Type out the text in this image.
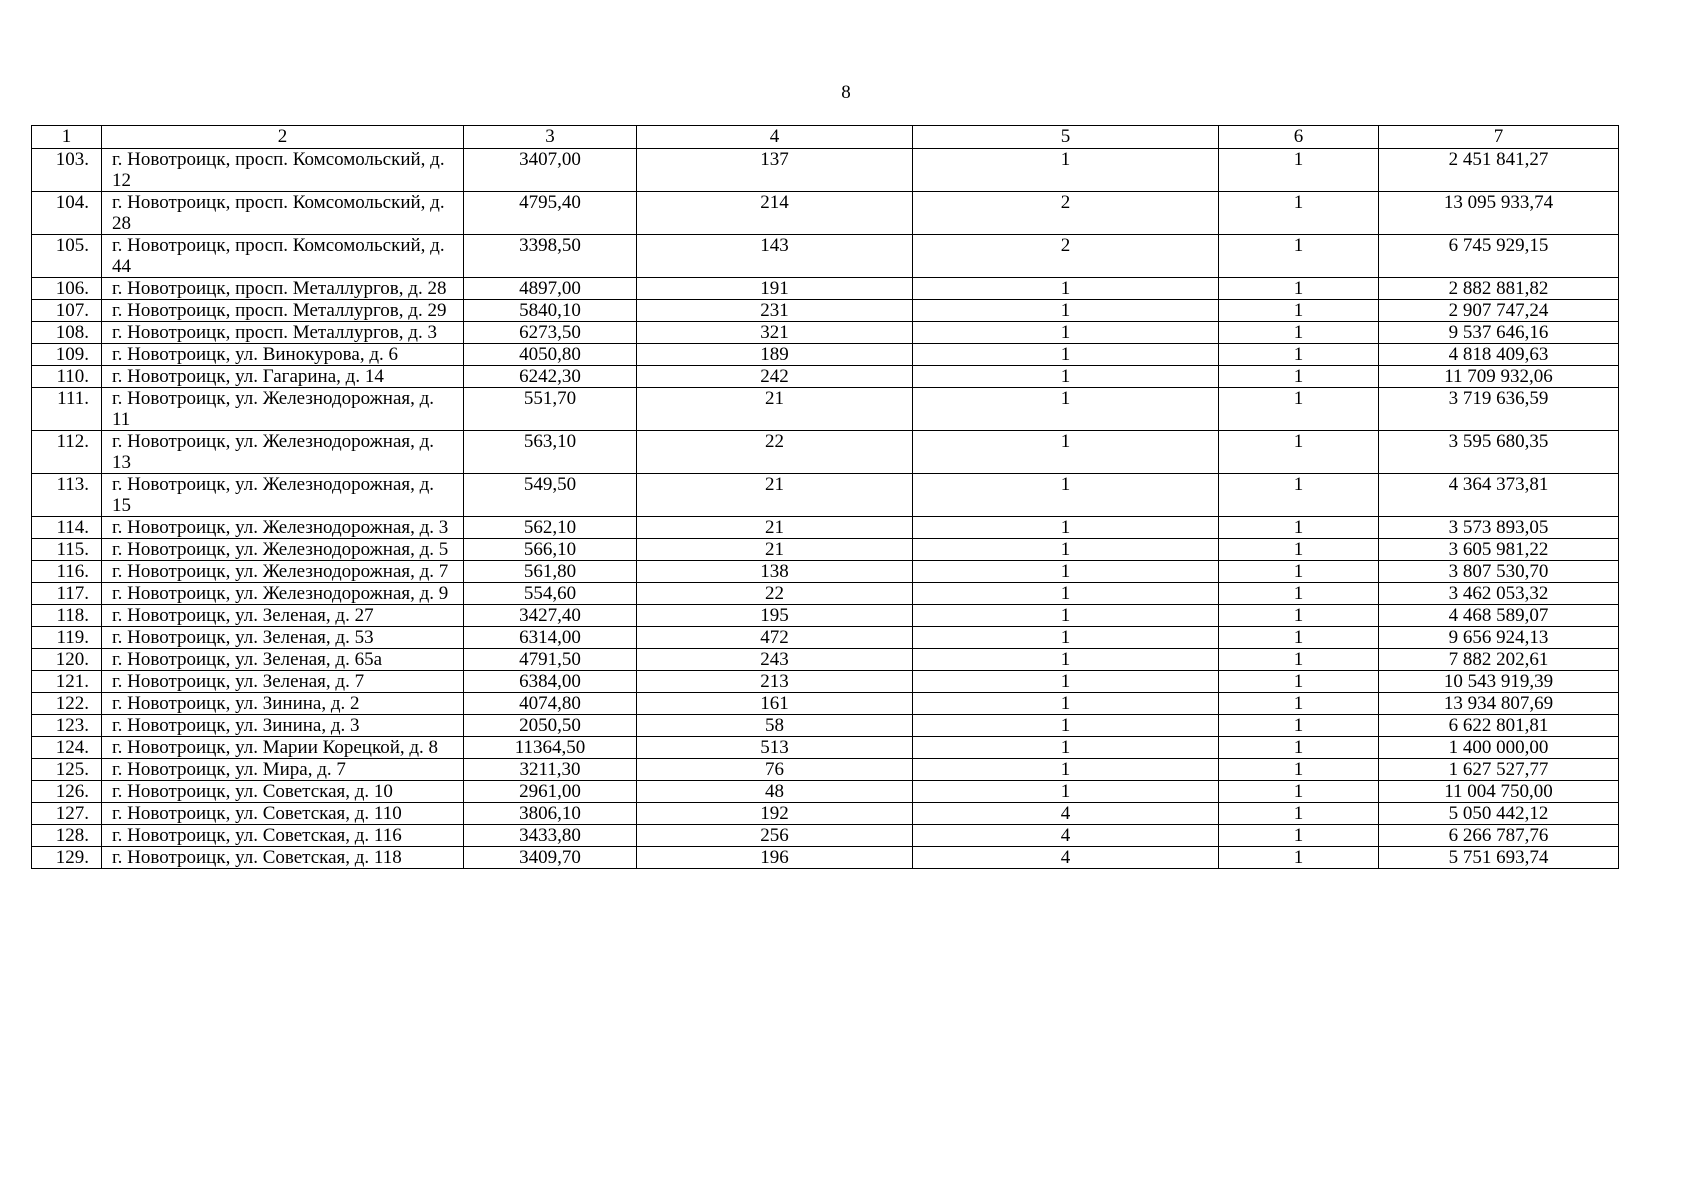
8
1	2	3	4	5	6	7
103.	г. Новотроицк, просп. Комсомольский, д. 12	3407,00	137	1	1	2 451 841,27
104.	г. Новотроицк, просп. Комсомольский, д. 28	4795,40	214	2	1	13 095 933,74
105.	г. Новотроицк, просп. Комсомольский, д. 44	3398,50	143	2	1	6 745 929,15
106.	г. Новотроицк, просп. Металлургов, д. 28	4897,00	191	1	1	2 882 881,82
107.	г. Новотроицк, просп. Металлургов, д. 29	5840,10	231	1	1	2 907 747,24
108.	г. Новотроицк, просп. Металлургов, д. 3	6273,50	321	1	1	9 537 646,16
109.	г. Новотроицк, ул. Винокурова, д. 6	4050,80	189	1	1	4 818 409,63
110.	г. Новотроицк, ул. Гагарина, д. 14	6242,30	242	1	1	11 709 932,06
111.	г. Новотроицк, ул. Железнодорожная, д. 11	551,70	21	1	1	3 719 636,59
112.	г. Новотроицк, ул. Железнодорожная, д. 13	563,10	22	1	1	3 595 680,35
113.	г. Новотроицк, ул. Железнодорожная, д. 15	549,50	21	1	1	4 364 373,81
114.	г. Новотроицк, ул. Железнодорожная, д. 3	562,10	21	1	1	3 573 893,05
115.	г. Новотроицк, ул. Железнодорожная, д. 5	566,10	21	1	1	3 605 981,22
116.	г. Новотроицк, ул. Железнодорожная, д. 7	561,80	138	1	1	3 807 530,70
117.	г. Новотроицк, ул. Железнодорожная, д. 9	554,60	22	1	1	3 462 053,32
118.	г. Новотроицк, ул. Зеленая, д. 27	3427,40	195	1	1	4 468 589,07
119.	г. Новотроицк, ул. Зеленая, д. 53	6314,00	472	1	1	9 656 924,13
120.	г. Новотроицк, ул. Зеленая, д. 65а	4791,50	243	1	1	7 882 202,61
121.	г. Новотроицк, ул. Зеленая, д. 7	6384,00	213	1	1	10 543 919,39
122.	г. Новотроицк, ул. Зинина, д. 2	4074,80	161	1	1	13 934 807,69
123.	г. Новотроицк, ул. Зинина, д. 3	2050,50	58	1	1	6 622 801,81
124.	г. Новотроицк, ул. Марии Корецкой, д. 8	11364,50	513	1	1	1 400 000,00
125.	г. Новотроицк, ул. Мира, д. 7	3211,30	76	1	1	1 627 527,77
126.	г. Новотроицк, ул. Советская, д. 10	2961,00	48	1	1	11 004 750,00
127.	г. Новотроицк, ул. Советская, д. 110	3806,10	192	4	1	5 050 442,12
128.	г. Новотроицк, ул. Советская, д. 116	3433,80	256	4	1	6 266 787,76
129.	г. Новотроицк, ул. Советская, д. 118	3409,70	196	4	1	5 751 693,74
